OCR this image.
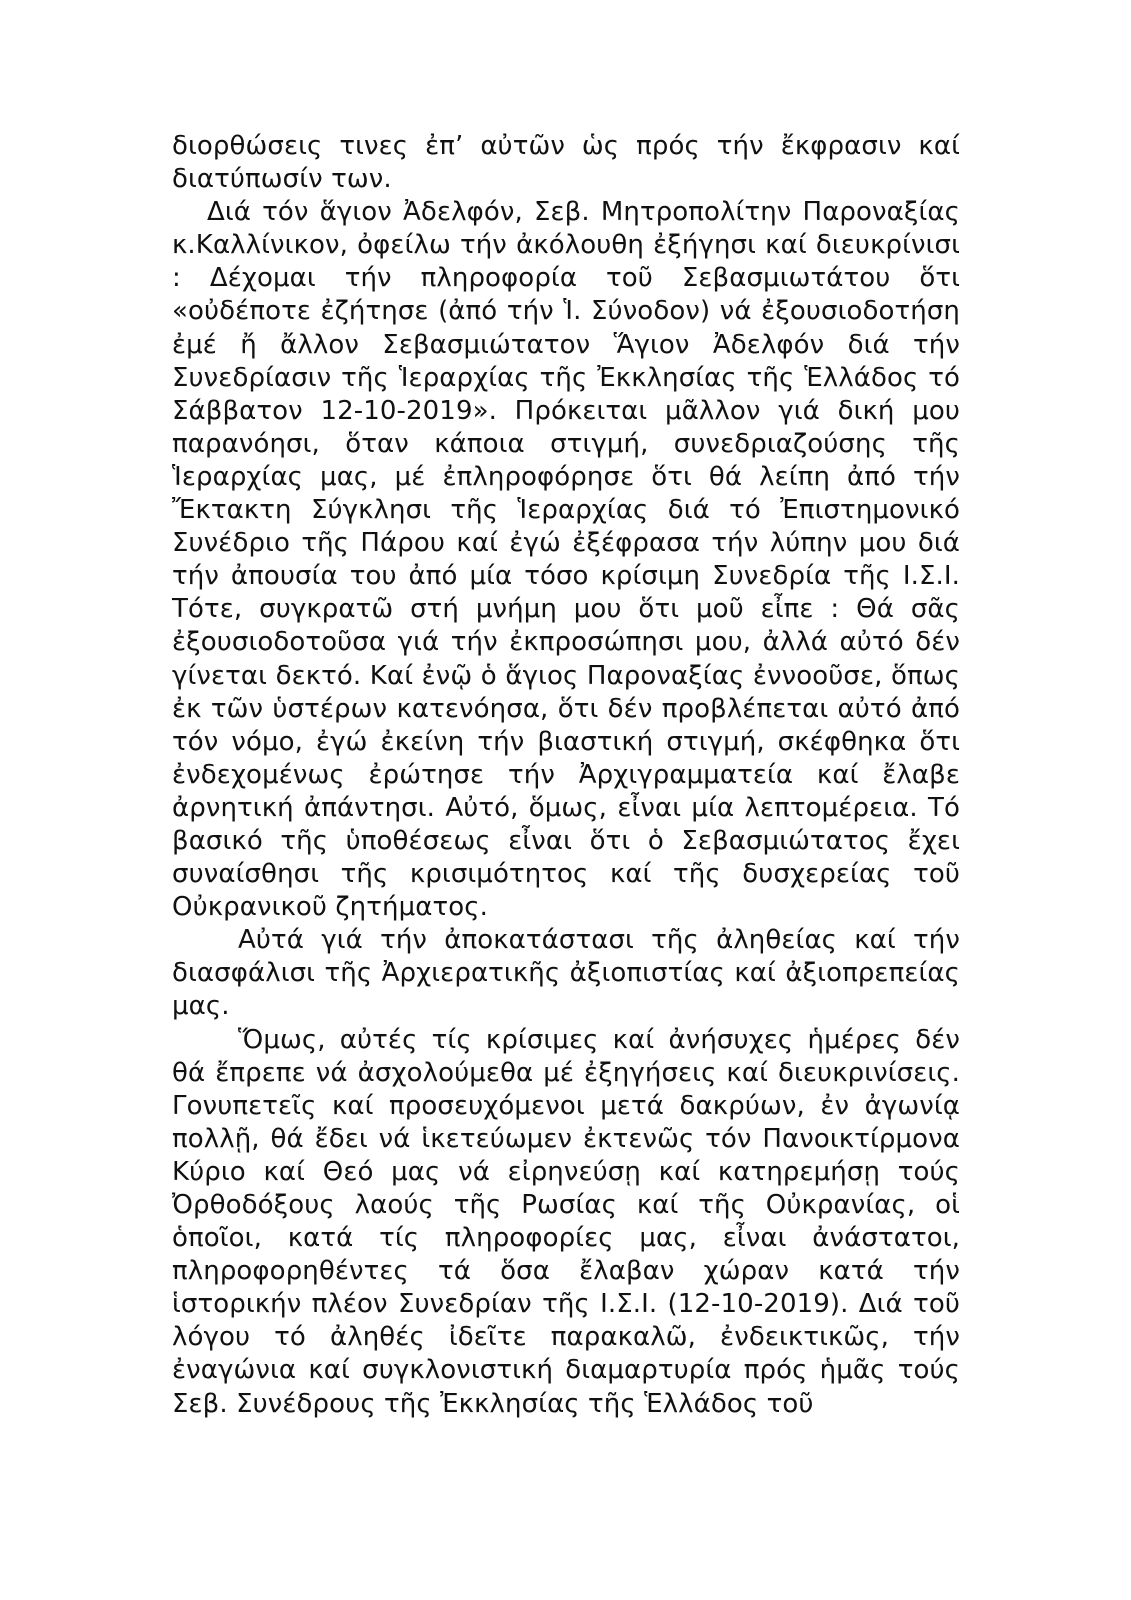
διορθώσεις τινες ἐπ’ αὐτῶν ὡς πρός τήν ἔκφρασιν καί διατύπωσίν των.

Διά τόν ἅγιον Ἀδελφόν, Σεβ. Μητροπολίτην Παροναξίας κ.Καλλίνικον, ὀφείλω τήν ἀκόλουθη ἐξήγησι καί διευκρίνισι : Δέχομαι τήν πληροφορία τοῦ Σεβασμιωτάτου ὅτι «οὐδέποτε ἐζήτησε (ἀπό τήν Ἱ. Σύνοδον) νά ἐξουσιοδοτήση ἐμέ ἤ ἄλλον Σεβασμιώτατον Ἅγιον Ἀδελφόν διά τήν Συνεδρίασιν τῆς Ἱεραρχίας τῆς Ἐκκλησίας τῆς Ἑλλάδος τό Σάββατον 12-10-2019». Πρόκειται μᾶλλον γιά δική μου παρανόησι, ὅταν κάποια στιγμή, συνεδριαζούσης τῆς Ἱεραρχίας μας, μέ ἐπληροφόρησε ὅτι θά λείπη ἀπό τήν Ἔκτακτη Σύγκλησι τῆς Ἱεραρχίας διά τό Ἐπιστημονικό Συνέδριο τῆς Πάρου καί ἐγώ ἐξέφρασα τήν λύπην μου διά τήν ἀπουσία του ἀπό μία τόσο κρίσιμη Συνεδρία τῆς Ι.Σ.Ι. Τότε, συγκρατῶ στή μνήμη μου ὅτι μοῦ εἶπε : Θά σᾶς ἐξουσιοδοτοῦσα γιά τήν ἐκπροσώπησι μου, ἀλλά αὐτό δέν γίνεται δεκτό. Καί ἐνῷ ὁ ἅγιος Παροναξίας ἐννοοῦσε, ὅπως ἐκ τῶν ὑστέρων κατενόησα, ὅτι δέν προβλέπεται αὐτό ἀπό τόν νόμο, ἐγώ ἐκείνη τήν βιαστική στιγμή, σκέφθηκα ὅτι ἐνδεχομένως ἐρώτησε τήν Ἀρχιγραμματεία καί ἔλαβε ἀρνητική ἀπάντησι. Αὐτό, ὅμως, εἶναι μία λεπτομέρεια. Τό βασικό τῆς ὑποθέσεως εἶναι ὅτι ὁ Σεβασμιώτατος ἔχει συναίσθησι τῆς κρισιμότητος καί τῆς δυσχερείας τοῦ Οὐκρανικοῦ ζητήματος.

Αὐτά γιά τήν ἀποκατάστασι τῆς ἀληθείας καί τήν διασφάλισι τῆς Ἀρχιερατικῆς ἀξιοπιστίας καί ἀξιοπρεπείας μας.

Ὅμως, αὐτές τίς κρίσιμες καί ἀνήσυχες ἡμέρες δέν θά ἔπρεπε νά ἀσχολούμεθα μέ ἐξηγήσεις καί διευκρινίσεις. Γονυπετεῖς καί προσευχόμενοι μετά δακρύων, ἐν ἀγωνίᾳ πολλῇ, θά ἔδει νά ἱκετεύωμεν ἐκτενῶς τόν Πανοικτίρμονα Κύριο καί Θεό μας νά εἰρηνεύσῃ καί κατηρεμήσῃ τούς Ὀρθοδόξους λαούς τῆς Ρωσίας καί τῆς Οὐκρανίας, οἱ ὁποῖοι, κατά τίς πληροφορίες μας, εἶναι ἀνάστατοι, πληροφορηθέντες τά ὅσα ἔλαβαν χώραν κατά τήν ἱστορικήν πλέον Συνεδρίαν τῆς Ι.Σ.Ι. (12-10-2019). Διά τοῦ λόγου τό ἀληθές ἰδεῖτε παρακαλῶ, ἐνδεικτικῶς, τήν ἐναγώνια καί συγκλονιστική διαμαρτυρία πρός ἡμᾶς τούς Σεβ. Συνέδρους τῆς Ἐκκλησίας τῆς Ἑλλάδος τοῦ
